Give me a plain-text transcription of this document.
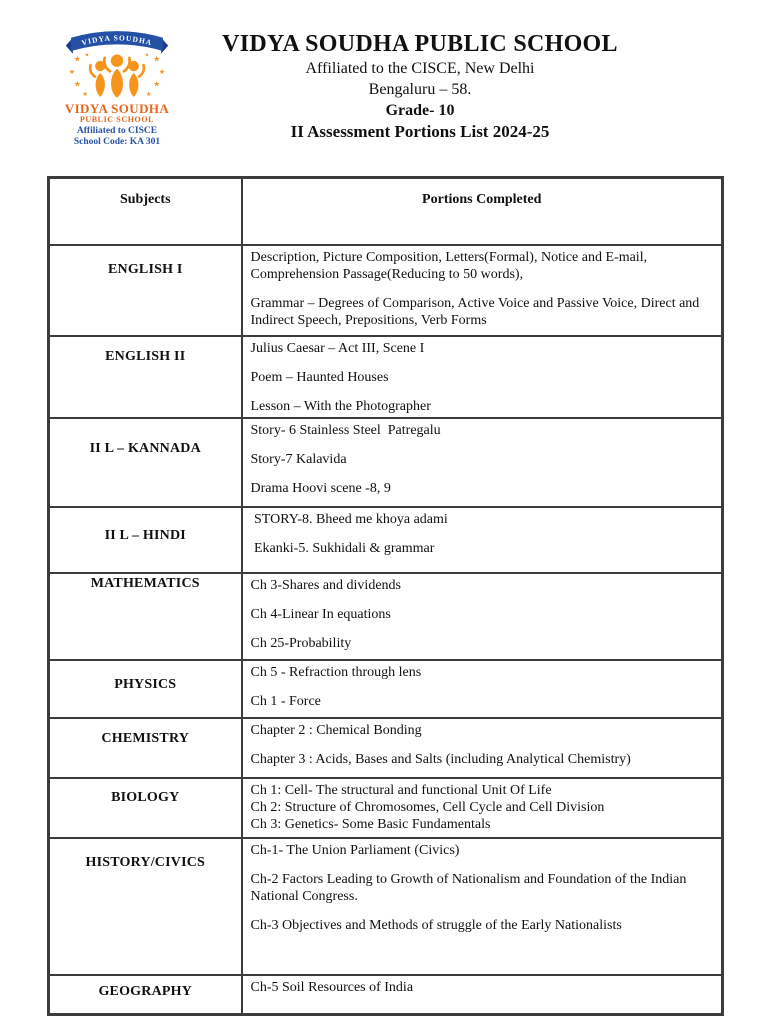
VIDYA SOUDHA
★
★
★
★
★	★
★
★
★
★
VIDYA SOUDHA
PUBLIC SCHOOL
Affiliated to CISCE
School Code: KA 301
VIDYA SOUDHA PUBLIC SCHOOL
Affiliated to the CISCE, New Delhi
Bengaluru – 58.
Grade- 10
II Assessment Portions List 2024-25
Subjects	Portions Completed
ENGLISH I	Description, Picture Composition, Letters(Formal), Notice and E-mail, Comprehension Passage(Reducing to 50 words),

Grammar – Degrees of Comparison, Active Voice and Passive Voice, Direct and Indirect Speech, Prepositions, Verb Forms

ENGLISH II	Julius Caesar – Act III, Scene I

Poem – Haunted Houses

Lesson – With the Photographer

II L – KANNADA	Story- 6 Stainless Steel  Patregalu

Story-7 Kalavida

Drama Hoovi scene -8, 9

II L – HINDI	STORY-8. Bheed me khoya adami

Ekanki-5. Sukhidali & grammar

MATHEMATICS	Ch 3-Shares and dividends

Ch 4-Linear In equations

Ch 25-Probability

PHYSICS	Ch 5 - Refraction through lens

Ch 1 - Force

CHEMISTRY	Chapter 2 : Chemical Bonding

Chapter 3 : Acids, Bases and Salts (including Analytical Chemistry)

BIOLOGY	Ch 1: Cell- The structural and functional Unit Of Life

Ch 2: Structure of Chromosomes, Cell Cycle and Cell Division

Ch 3: Genetics- Some Basic Fundamentals

HISTORY/CIVICS	Ch-1- The Union Parliament (Civics)

Ch-2 Factors Leading to Growth of Nationalism and Foundation of the Indian National Congress.

Ch-3 Objectives and Methods of struggle of the Early Nationalists

GEOGRAPHY	Ch-5 Soil Resources of India
